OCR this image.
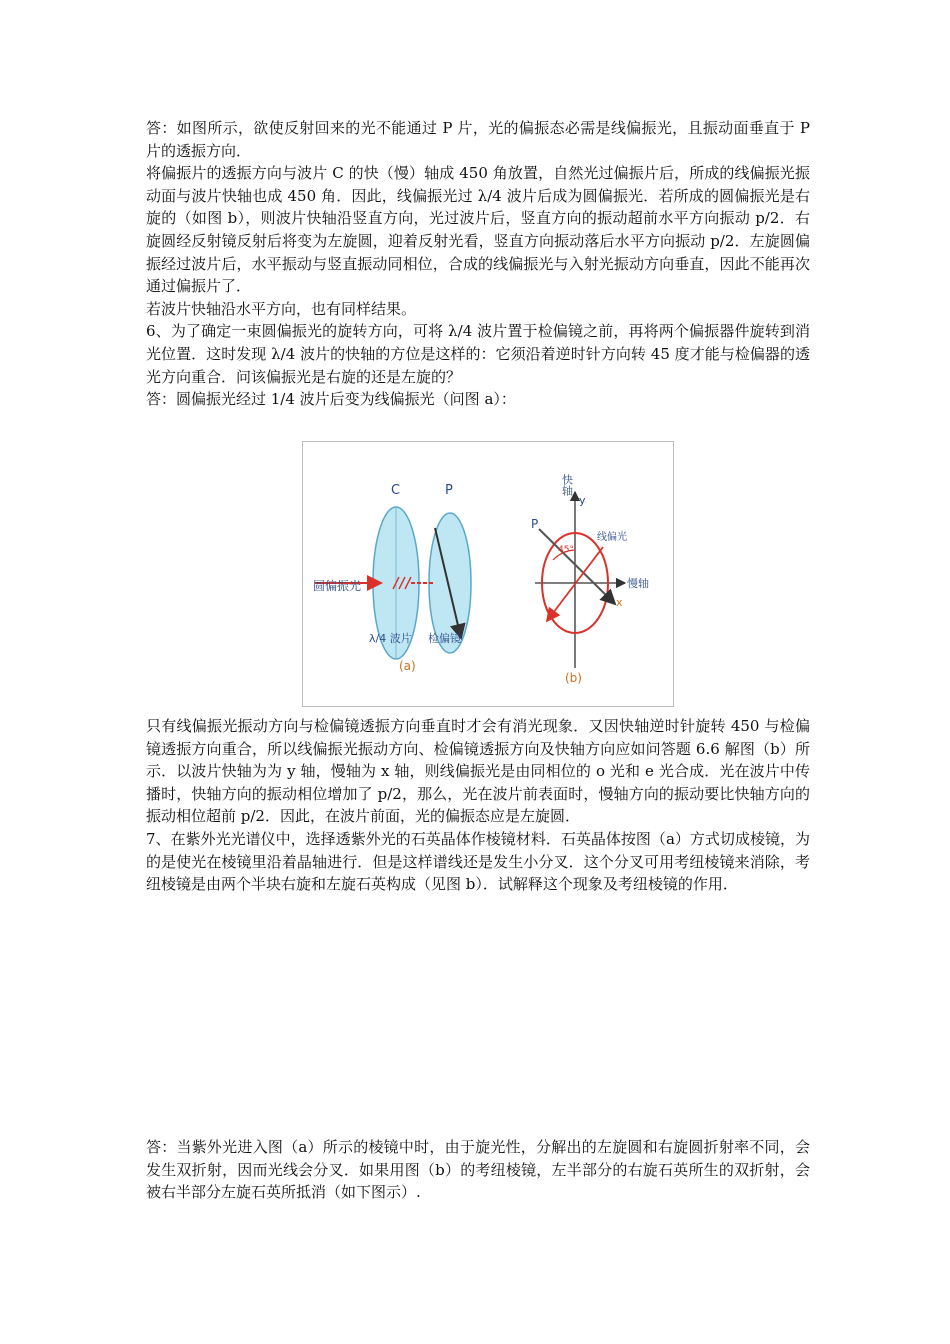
答：如图所示，欲使反射回来的光不能通过 P 片，光的偏振态必需是线偏振光，且振动面垂直于 P 片的透振方向．

将偏振片的透振方向与波片 C 的快（慢）轴成 450 角放置，自然光过偏振片后，所成的线偏振光振动面与波片快轴也成 450 角．因此，线偏振光过 λ/4 波片后成为圆偏振光．若所成的圆偏振光是右旋的（如图 b），则波片快轴沿竖直方向，光过波片后，竖直方向的振动超前水平方向振动 p/2．右旋圆经反射镜反射后将变为左旋圆，迎着反射光看，竖直方向振动落后水平方向振动 p/2．左旋圆偏振经过波片后，水平振动与竖直振动同相位，合成的线偏振光与入射光振动方向垂直，因此不能再次通过偏振片了．

若波片快轴沿水平方向，也有同样结果。

6、为了确定一束圆偏振光的旋转方向，可将 λ/4 波片置于检偏镜之前，再将两个偏振器件旋转到消光位置．这时发现 λ/4 波片的快轴的方位是这样的：它须沿着逆时针方向转 45 度才能与检偏器的透光方向重合．问该偏振光是右旋的还是左旋的？

答：圆偏振光经过 1/4 波片后变为线偏振光（问图 a）：

C	P
圆偏振光
λ/4 波片 检偏镜
(a)
快轴
y
P
线偏光
45°
慢轴
x
(b)

只有线偏振光振动方向与检偏镜透振方向垂直时才会有消光现象．又因快轴逆时针旋转 450 与检偏镜透振方向重合，所以线偏振光振动方向、检偏镜透振方向及快轴方向应如问答题 6.6 解图（b）所示．以波片快轴为为 y 轴，慢轴为 x 轴，则线偏振光是由同相位的 o 光和 e 光合成．光在波片中传播时，快轴方向的振动相位增加了 p/2，那么，光在波片前表面时，慢轴方向的振动要比快轴方向的振动相位超前 p/2．因此，在波片前面，光的偏振态应是左旋圆．

7、在紫外光光谱仪中，选择透紫外光的石英晶体作棱镜材料．石英晶体按图（a）方式切成棱镜，为的是使光在棱镜里沿着晶轴进行．但是这样谱线还是发生小分叉．这个分叉可用考纽棱镜来消除，考纽棱镜是由两个半块右旋和左旋石英构成（见图 b）．试解释这个现象及考纽棱镜的作用．

答：当紫外光进入图（a）所示的棱镜中时，由于旋光性，分解出的左旋圆和右旋圆折射率不同，会发生双折射，因而光线会分叉．如果用图（b）的考纽棱镜，左半部分的右旋石英所生的双折射，会被右半部分左旋石英所抵消（如下图示）.
